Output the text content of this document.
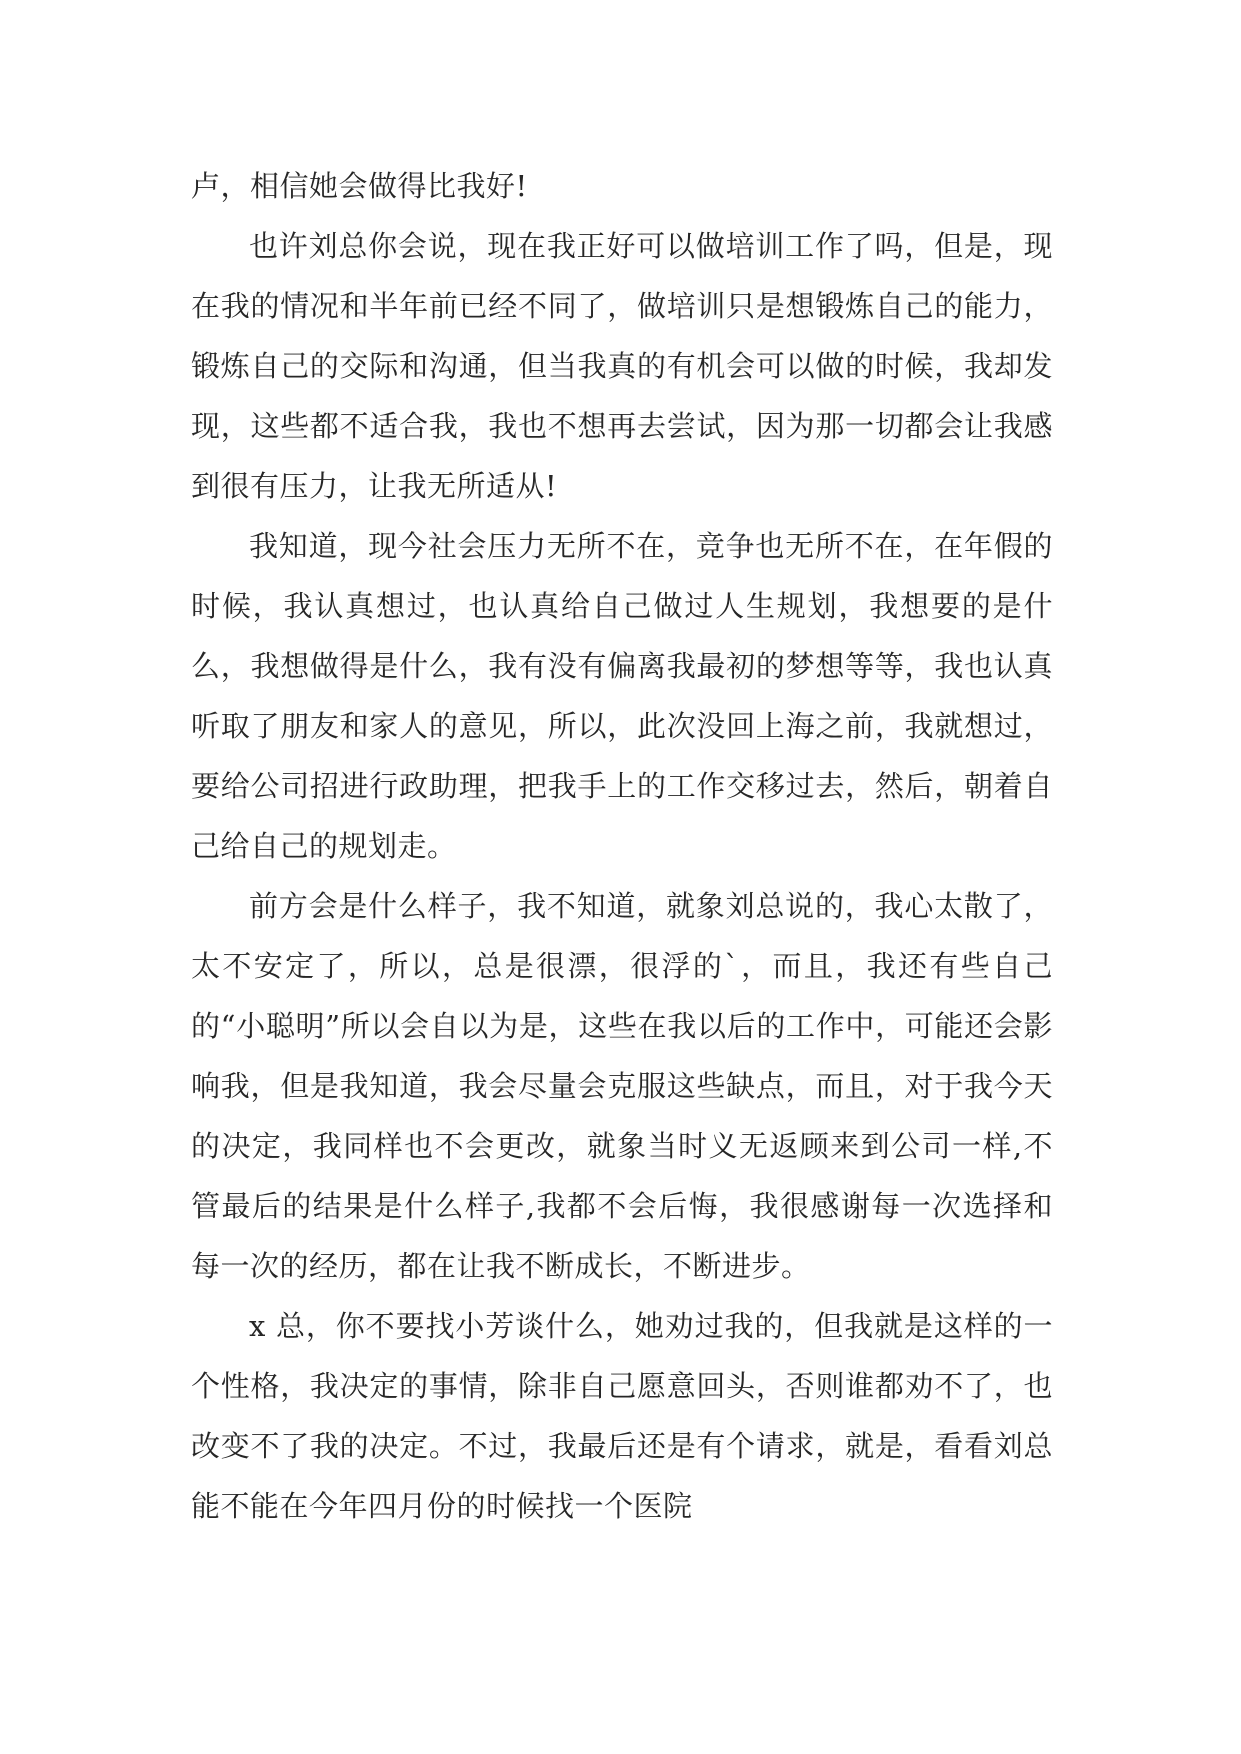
卢，相信她会做得比我好!

也许刘总你会说，现在我正好可以做培训工作了吗，但是，现在我的情况和半年前已经不同了，做培训只是想锻炼自己的能力，锻炼自己的交际和沟通，但当我真的有机会可以做的时候，我却发现，这些都不适合我，我也不想再去尝试，因为那一切都会让我感到很有压力，让我无所适从!

我知道，现今社会压力无所不在，竞争也无所不在，在年假的时候，我认真想过，也认真给自己做过人生规划，我想要的是什么，我想做得是什么，我有没有偏离我最初的梦想等等，我也认真听取了朋友和家人的意见，所以，此次没回上海之前，我就想过，要给公司招进行政助理，把我手上的工作交移过去，然后，朝着自己给自己的规划走。

前方会是什么样子，我不知道，就象刘总说的，我心太散了，太不安定了，所以，总是很漂，很浮的`，而且，我还有些自己的“小聪明”所以会自以为是，这些在我以后的工作中，可能还会影响我，但是我知道，我会尽量会克服这些缺点，而且，对于我今天的决定，我同样也不会更改，就象当时义无返顾来到公司一样,不管最后的结果是什么样子,我都不会后悔，我很感谢每一次选择和每一次的经历，都在让我不断成长，不断进步。

x 总，你不要找小芳谈什么，她劝过我的，但我就是这样的一个性格，我决定的事情，除非自己愿意回头，否则谁都劝不了，也改变不了我的决定。不过，我最后还是有个请求，就是，看看刘总能不能在今年四月份的时候找一个医院
